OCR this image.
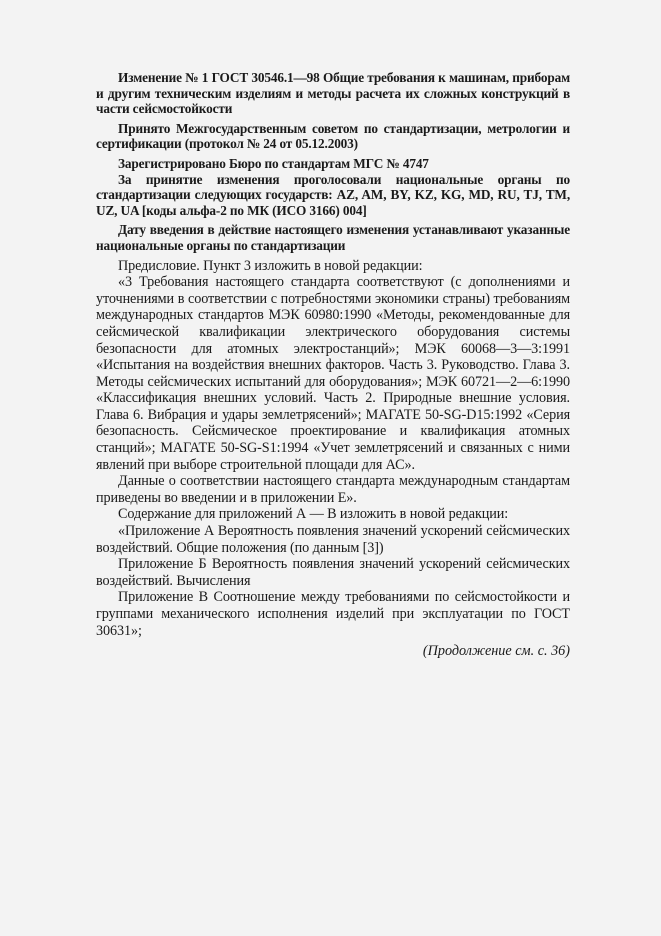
Изменение № 1 ГОСТ 30546.1—98 Общие требования к машинам, приборам и другим техническим изделиям и методы расчета их сложных конструкций в части сейсмостойкости

Принято Межгосударственным советом по стандартизации, метрологии и сертификации (протокол № 24 от 05.12.2003)

Зарегистрировано Бюро по стандартам МГС № 4747

За принятие изменения проголосовали национальные органы по стандартизации следующих государств: AZ, AM, BY, KZ, KG, MD, RU, TJ, TM, UZ, UA [коды альфа-2 по МК (ИСО 3166) 004]

Дату введения в действие настоящего изменения устанавливают указанные национальные органы по стандартизации

Предисловие. Пункт 3 изложить в новой редакции:

«3 Требования настоящего стандарта соответствуют (с дополнениями и уточнениями в соответствии с потребностями экономики страны) требованиям международных стандартов МЭК 60980:1990 «Методы, рекомендованные для сейсмической квалификации электрического оборудования системы безопасности для атомных электростанций»; МЭК 60068—3—3:1991 «Испытания на воздействия внешних факторов. Часть 3. Руководство. Глава 3. Методы сейсмических испытаний для оборудования»; МЭК 60721—2—6:1990 «Классификация внешних условий. Часть 2. Природные внешние условия. Глава 6. Вибрация и удары землетрясений»; МАГАТЕ 50-SG-D15:1992 «Серия безопасность. Сейсмическое проектирование и квалификация атомных станций»; МАГАТЕ 50-SG-S1:1994 «Учет землетрясений и связанных с ними явлений при выборе строительной площади для АС».

Данные о соответствии настоящего стандарта международным стандартам приведены во введении и в приложении Е».

Содержание для приложений А — В изложить в новой редакции:

«Приложение А Вероятность появления значений ускорений сейсмических воздействий. Общие положения (по данным [3])

Приложение Б Вероятность появления значений ускорений сейсмических воздействий. Вычисления

Приложение В Соотношение между требованиями по сейсмостойкости и группами механического исполнения изделий при эксплуатации по ГОСТ 30631»;

(Продолжение см. с. 36)
